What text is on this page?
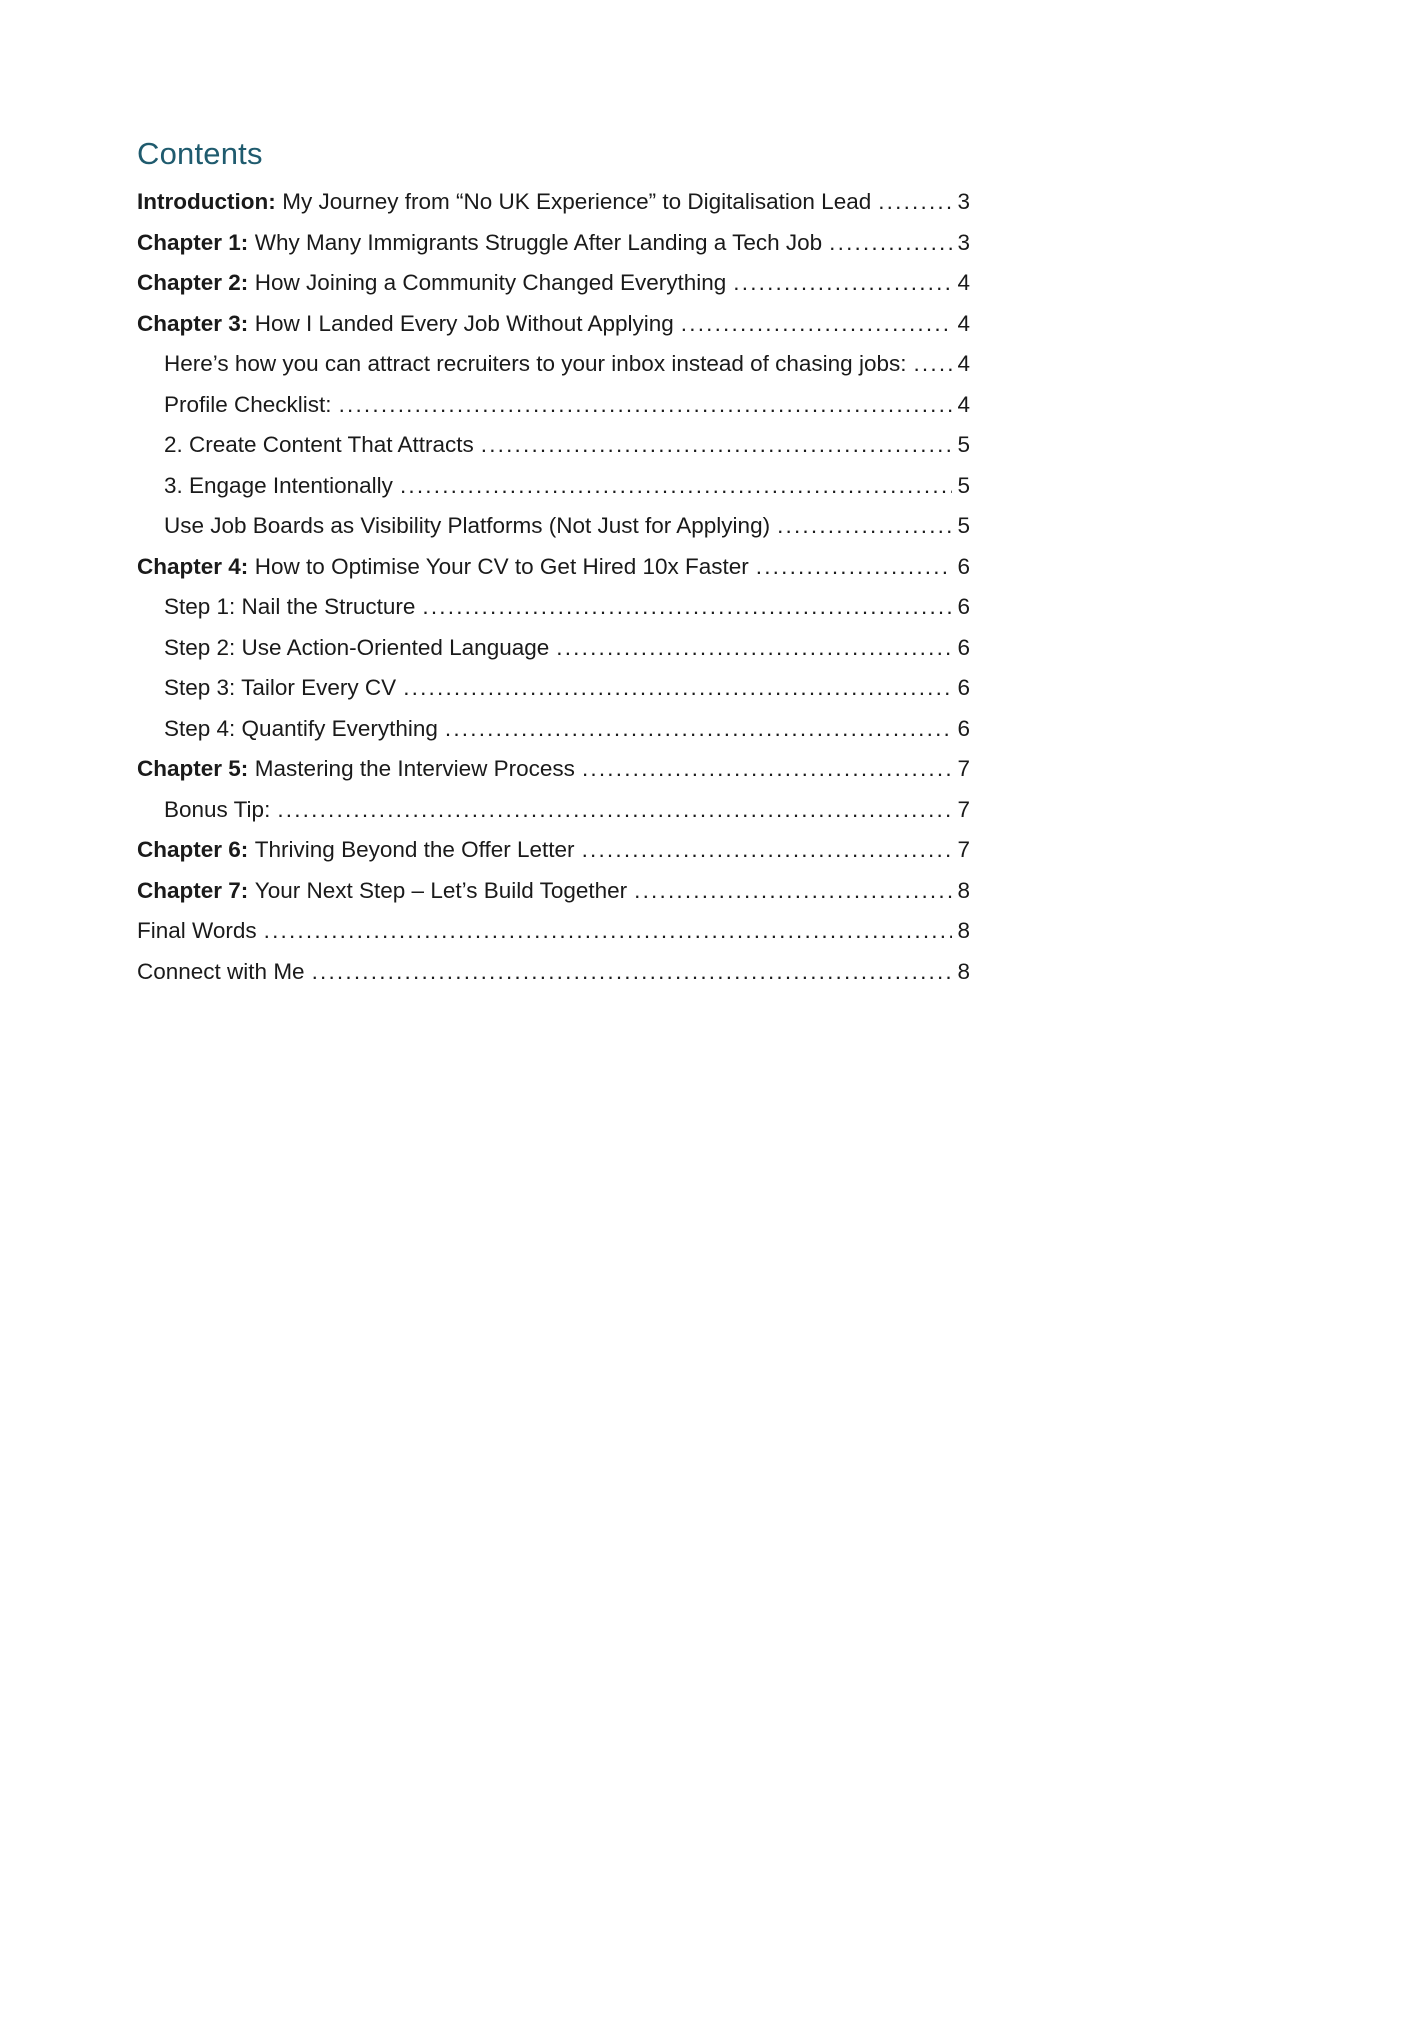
Contents
Introduction: My Journey from “No UK Experience” to Digitalisation Lead .....	3
Chapter 1: Why Many Immigrants Struggle After Landing a Tech Job .....	3
Chapter 2: How Joining a Community Changed Everything .....	4
Chapter 3: How I Landed Every Job Without Applying .....	4
Here’s how you can attract recruiters to your inbox instead of chasing jobs: ..... 4
Profile Checklist: .....	4
2. Create Content That Attracts .....	5
3. Engage Intentionally .....	5
Use Job Boards as Visibility Platforms (Not Just for Applying) .....	5
Chapter 4: How to Optimise Your CV to Get Hired 10x Faster .....	6
Step 1: Nail the Structure .....	6
Step 2: Use Action-Oriented Language .....	6
Step 3: Tailor Every CV .....	6
Step 4: Quantify Everything .....	6
Chapter 5: Mastering the Interview Process .....	7
Bonus Tip: .....	7
Chapter 6: Thriving Beyond the Offer Letter .....	7
Chapter 7: Your Next Step – Let’s Build Together .....	8
Final Words .....	8
Connect with Me .....	8
